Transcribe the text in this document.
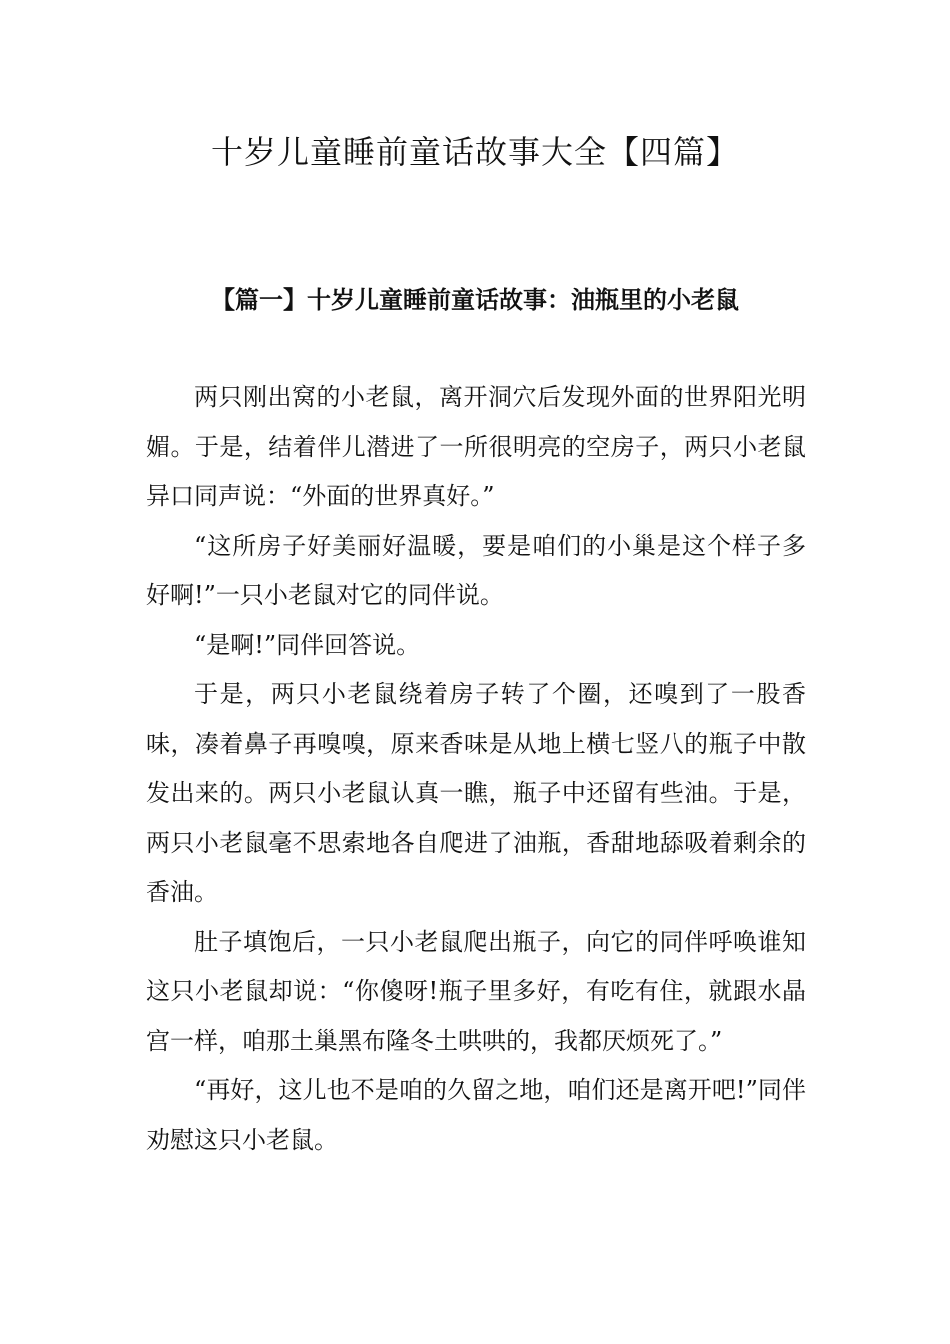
十岁儿童睡前童话故事大全【四篇】
【篇一】十岁儿童睡前童话故事：油瓶里的小老鼠

两只刚出窝的小老鼠，离开洞穴后发现外面的世界阳光明媚。于是，结着伴儿潜进了一所很明亮的空房子，两只小老鼠异口同声说：“外面的世界真好。”

“这所房子好美丽好温暖，要是咱们的小巢是这个样子多好啊!”一只小老鼠对它的同伴说。

“是啊!”同伴回答说。

于是，两只小老鼠绕着房子转了个圈，还嗅到了一股香味，凑着鼻子再嗅嗅，原来香味是从地上横七竖八的瓶子中散发出来的。两只小老鼠认真一瞧，瓶子中还留有些油。于是，两只小老鼠毫不思索地各自爬进了油瓶，香甜地舔吸着剩余的香油。

肚子填饱后，一只小老鼠爬出瓶子，向它的同伴呼唤谁知这只小老鼠却说：“你傻呀!瓶子里多好，有吃有住，就跟水晶宫一样，咱那土巢黑布隆冬土哄哄的，我都厌烦死了。”

“再好，这儿也不是咱的久留之地，咱们还是离开吧!”同伴劝慰这只小老鼠。
